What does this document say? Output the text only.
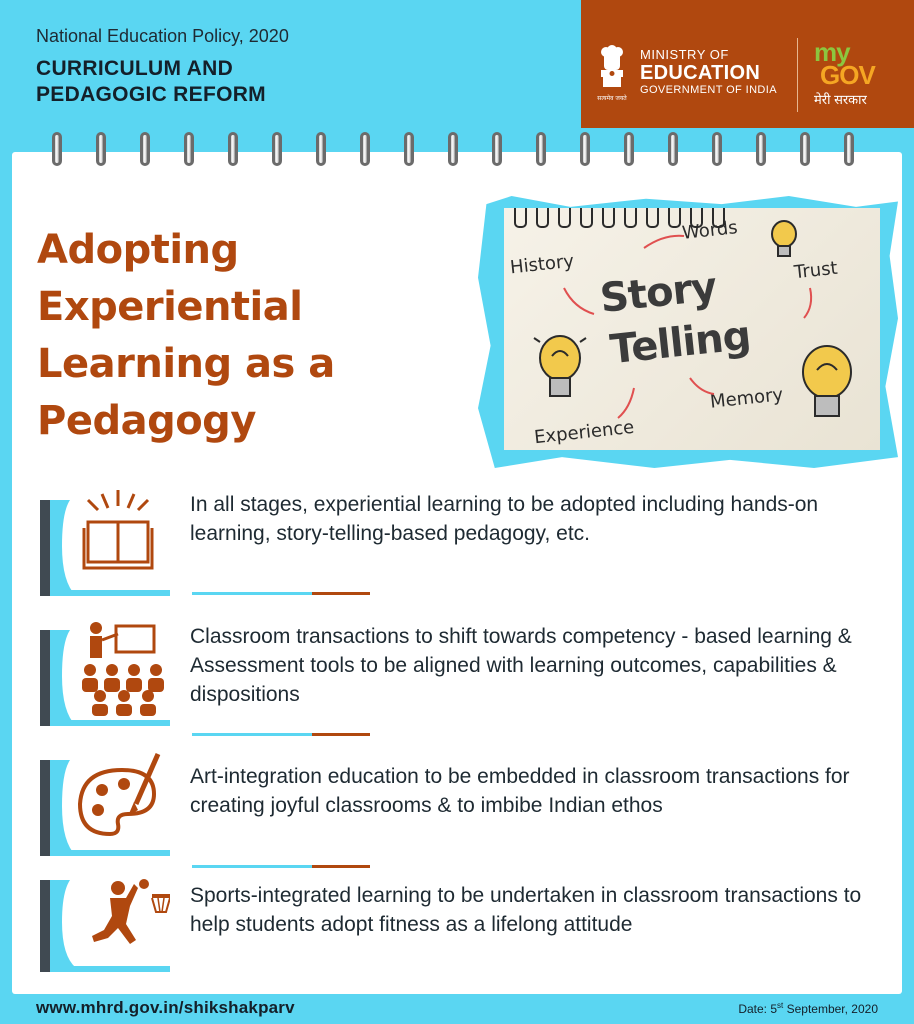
National Education Policy, 2020
CURRICULUM AND
PEDAGOGIC REFORM	सत्यमेव जयते
MINISTRY OF
EDUCATION
GOVERNMENT OF INDIA
my
GOV
मेरी सरकार
Adopting
Experiential
Learning as a
Pedagogy
History
Words
Trust
Memory
Experience
Story
Telling
In all stages, experiential learning to be adopted including hands-on learning, story-telling-based pedagogy, etc.
Classroom transactions to shift towards competency - based learning & Assessment tools to be aligned with learning outcomes, capabilities & dispositions
Art-integration education to be embedded in classroom transactions for creating joyful classrooms & to imbibe Indian ethos
Sports-integrated learning to be undertaken in classroom transactions to help students adopt fitness as a lifelong attitude
www.mhrd.gov.in/shikshakparv	Date: 5st September, 2020
